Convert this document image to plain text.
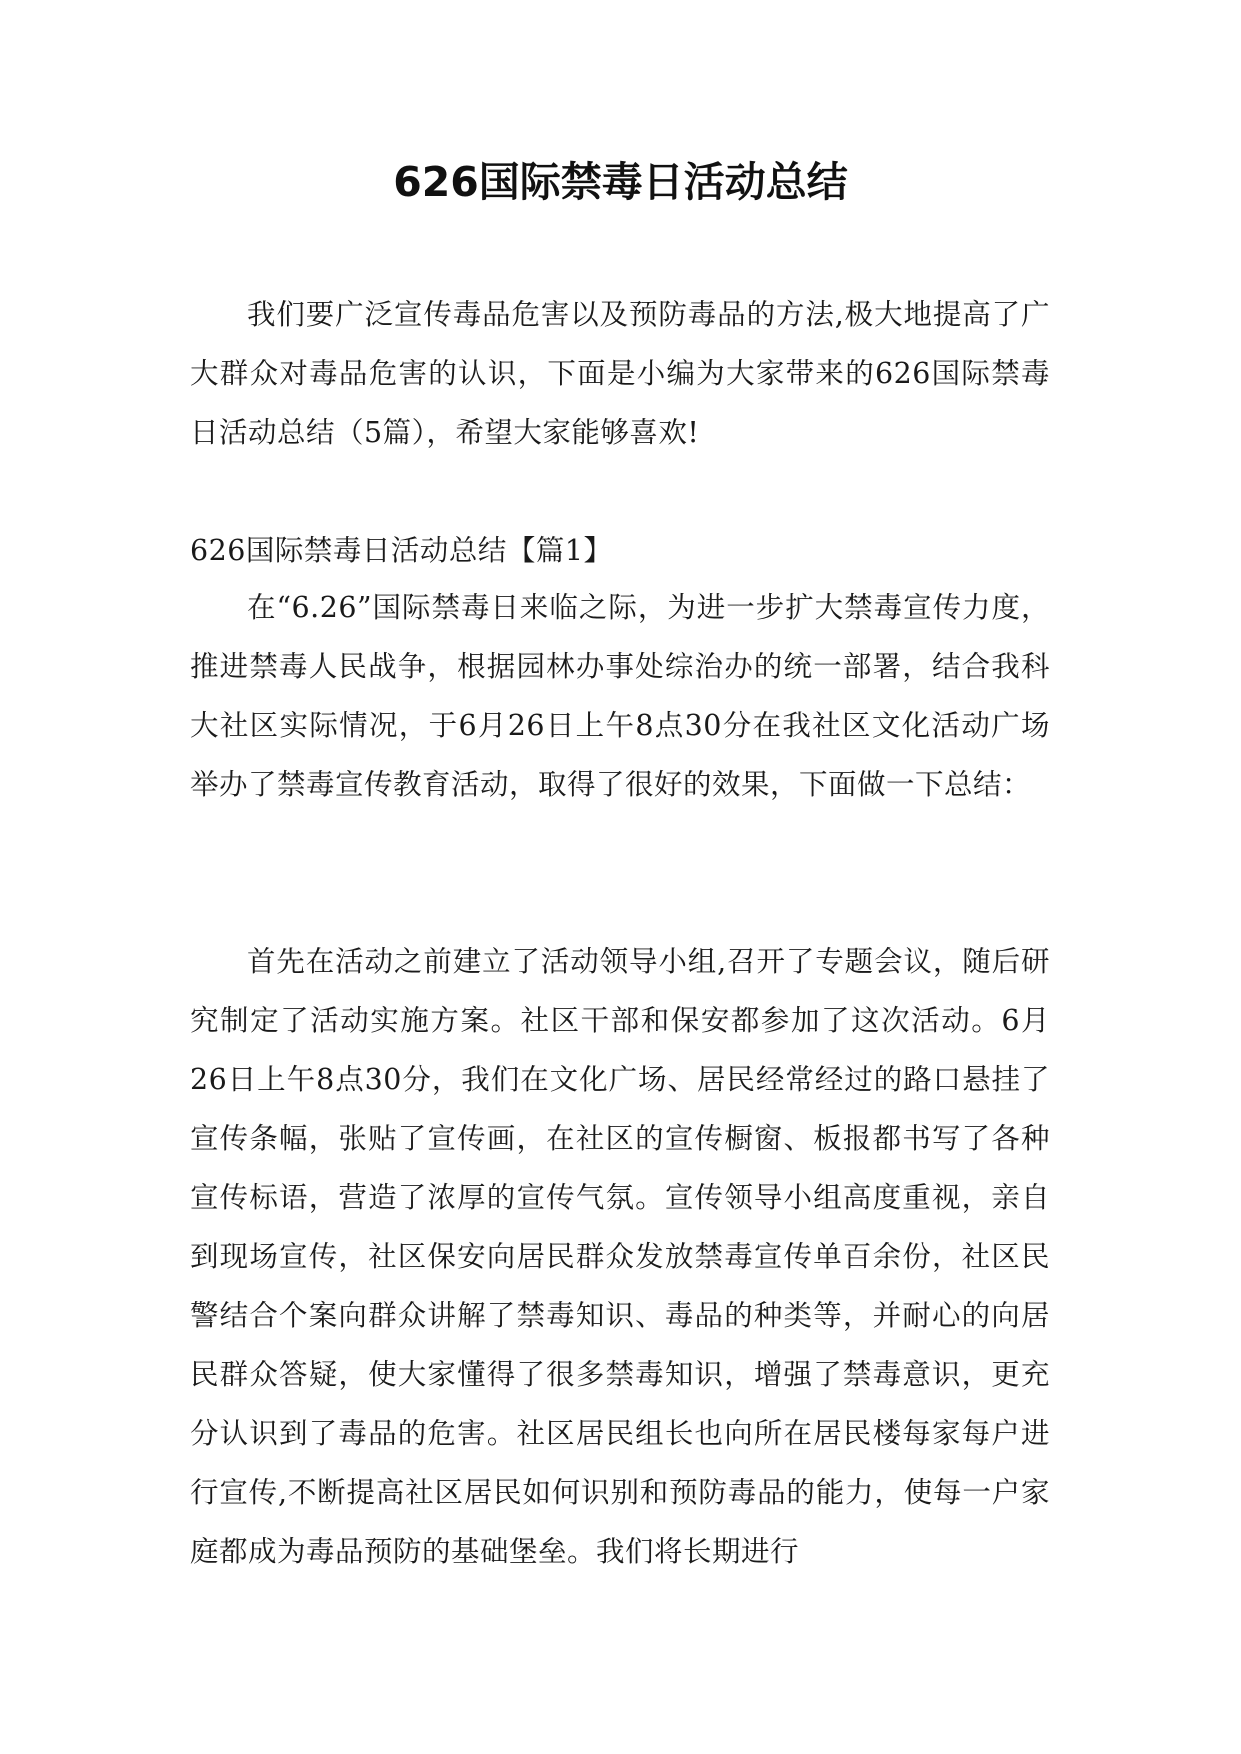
626国际禁毒日活动总结

我们要广泛宣传毒品危害以及预防毒品的方法,极大地提高了广大群众对毒品危害的认识，下面是小编为大家带来的626国际禁毒日活动总结（5篇），希望大家能够喜欢!

626国际禁毒日活动总结【篇1】

在“6.26”国际禁毒日来临之际，为进一步扩大禁毒宣传力度，推进禁毒人民战争，根据园林办事处综治办的统一部署，结合我科大社区实际情况，于6月26日上午8点30分在我社区文化活动广场举办了禁毒宣传教育活动，取得了很好的效果，下面做一下总结：

首先在活动之前建立了活动领导小组,召开了专题会议，随后研究制定了活动实施方案。社区干部和保安都参加了这次活动。6月26日上午8点30分，我们在文化广场、居民经常经过的路口悬挂了宣传条幅，张贴了宣传画，在社区的宣传橱窗、板报都书写了各种宣传标语，营造了浓厚的宣传气氛。宣传领导小组高度重视，亲自到现场宣传，社区保安向居民群众发放禁毒宣传单百余份，社区民警结合个案向群众讲解了禁毒知识、毒品的种类等，并耐心的向居民群众答疑，使大家懂得了很多禁毒知识，增强了禁毒意识，更充分认识到了毒品的危害。社区居民组长也向所在居民楼每家每户进行宣传,不断提高社区居民如何识别和预防毒品的能力，使每一户家庭都成为毒品预防的基础堡垒。我们将长期进行
